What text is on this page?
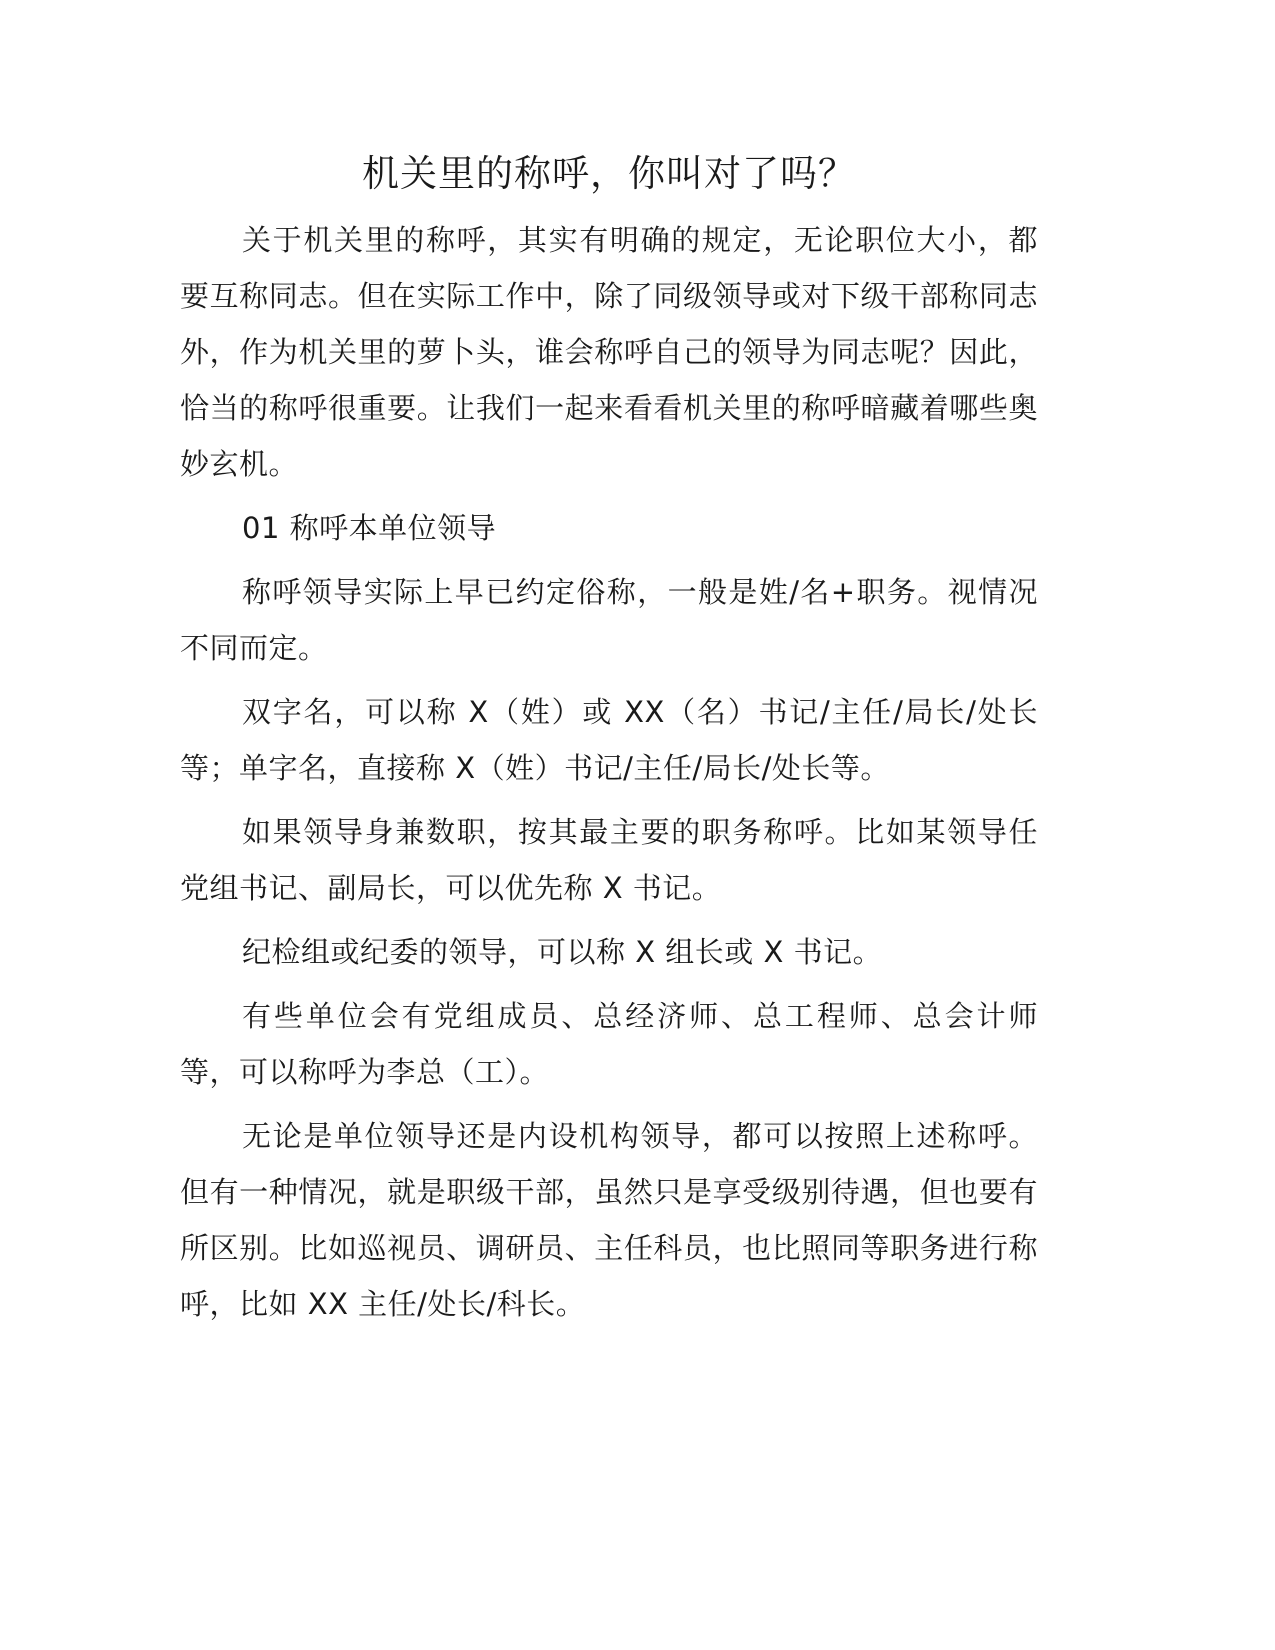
机关里的称呼，你叫对了吗？

关于机关里的称呼，其实有明确的规定，无论职位大小，都要互称同志。但在实际工作中，除了同级领导或对下级干部称同志外，作为机关里的萝卜头，谁会称呼自己的领导为同志呢？因此，恰当的称呼很重要。让我们一起来看看机关里的称呼暗藏着哪些奥妙玄机。

01 称呼本单位领导

称呼领导实际上早已约定俗称，一般是姓/名+职务。视情况不同而定。

双字名，可以称 X（姓）或 XX（名）书记/主任/局长/处长等；单字名，直接称 X（姓）书记/主任/局长/处长等。

如果领导身兼数职，按其最主要的职务称呼。比如某领导任党组书记、副局长，可以优先称 X 书记。

纪检组或纪委的领导，可以称 X 组长或 X 书记。

有些单位会有党组成员、总经济师、总工程师、总会计师等，可以称呼为李总（工）。

无论是单位领导还是内设机构领导，都可以按照上述称呼。但有一种情况，就是职级干部，虽然只是享受级别待遇，但也要有所区别。比如巡视员、调研员、主任科员，也比照同等职务进行称呼，比如 XX 主任/处长/科长。
